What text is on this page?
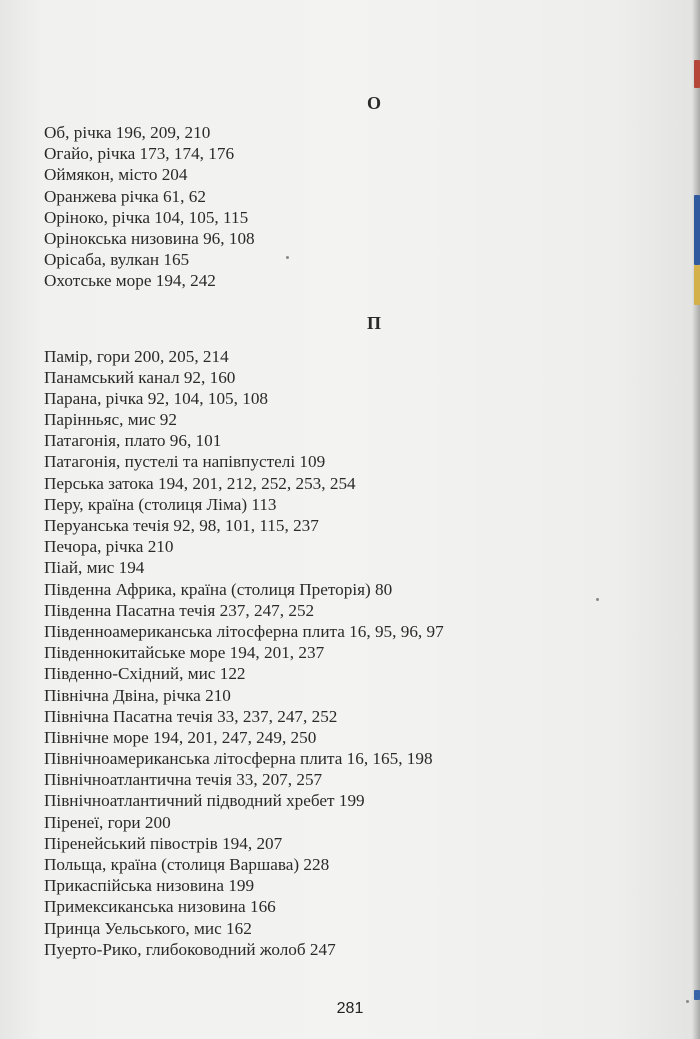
О
Об, річка 196, 209, 210
Огайо, річка 173, 174, 176
Оймякон, місто 204
Оранжева річка 61, 62
Оріноко, річка 104, 105, 115
Орінокська низовина 96, 108
Орісаба, вулкан 165
Охотське море 194, 242
П
Памір, гори 200, 205, 214
Панамський канал 92, 160
Парана, річка 92, 104, 105, 108
Парінньяс, мис 92
Патагонія, плато 96, 101
Патагонія, пустелі та напівпустелі 109
Перська затока 194, 201, 212, 252, 253, 254
Перу, країна (столиця Ліма) 113
Перуанська течія 92, 98, 101, 115, 237
Печора, річка 210
Піай, мис 194
Південна Африка, країна (столиця Преторія) 80
Південна Пасатна течія 237, 247, 252
Південноамериканська літосферна плита 16, 95, 96, 97
Південнокитайське море 194, 201, 237
Південно-Східний, мис 122
Північна Двіна, річка 210
Північна Пасатна течія 33, 237, 247, 252
Північне море 194, 201, 247, 249, 250
Північноамериканська літосферна плита 16, 165, 198
Північноатлантична течія 33, 207, 257
Північноатлантичний підводний хребет 199
Піренеї, гори 200
Піренейський півострів 194, 207
Польща, країна (столиця Варшава) 228
Прикаспійська низовина 199
Примексиканська низовина 166
Принца Уельського, мис 162
Пуерто-Рико, глибоководний жолоб 247
281
